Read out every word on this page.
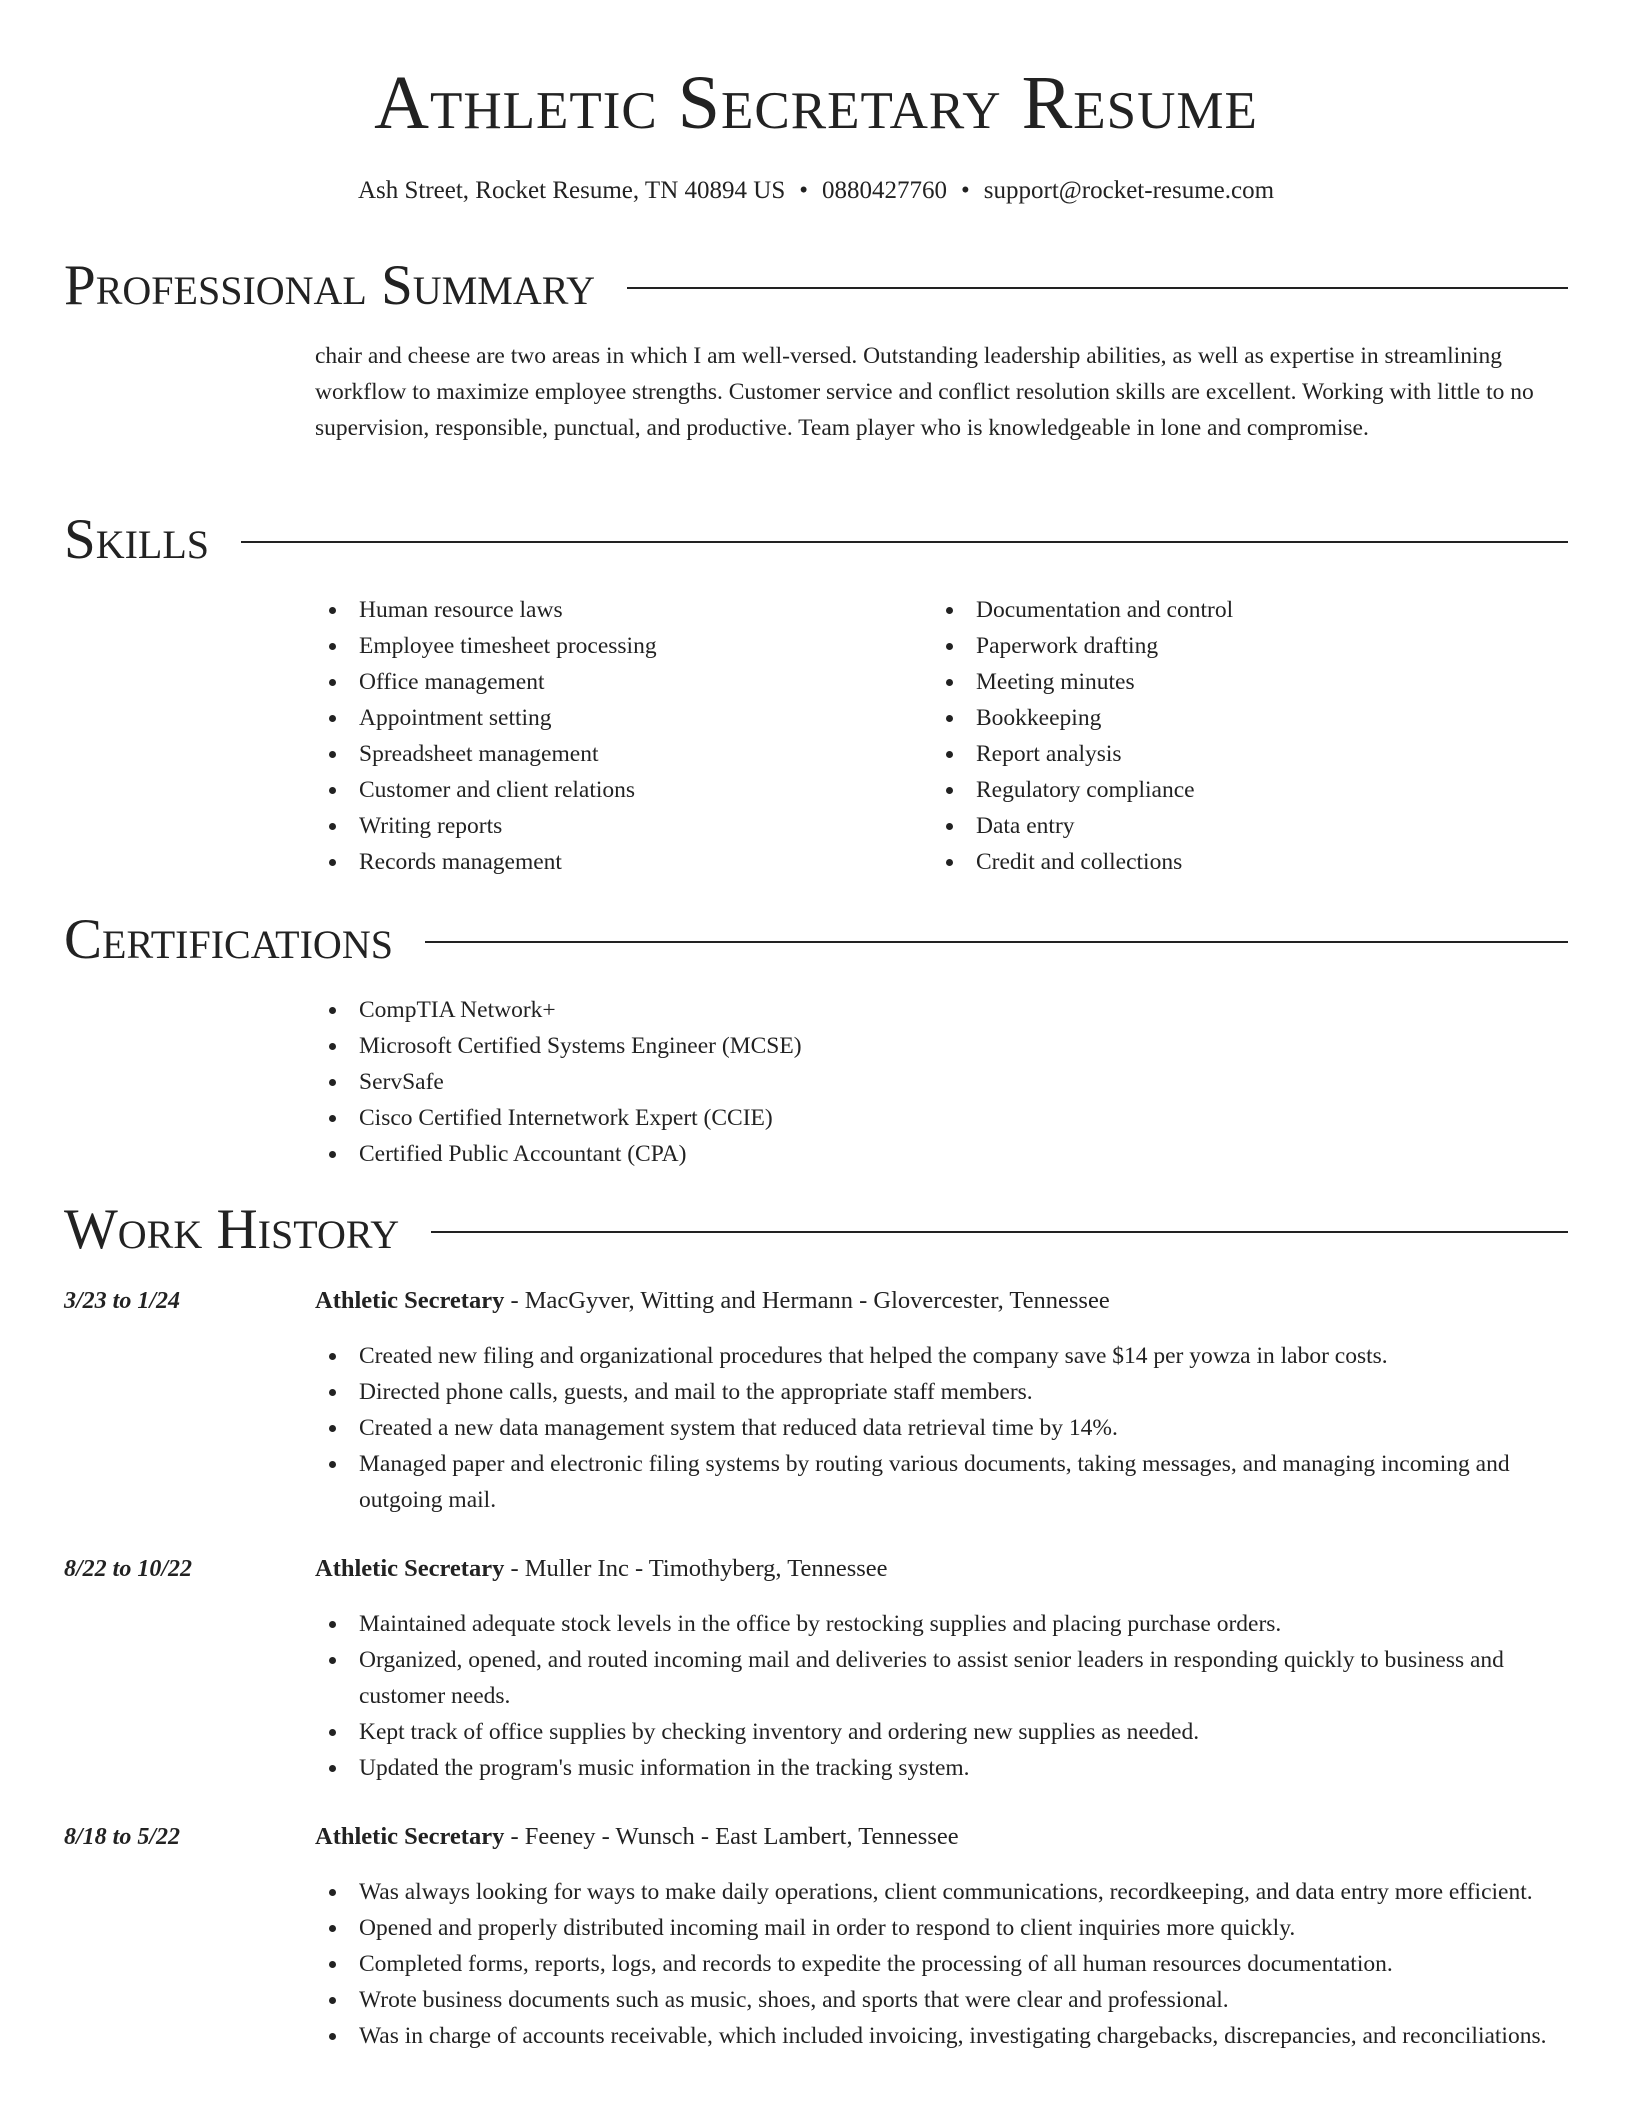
Athletic Secretary Resume
Ash Street, Rocket Resume, TN 40894 US • 0880427760 • support@rocket-resume.com
Professional Summary
chair and cheese are two areas in which I am well-versed. Outstanding leadership abilities, as well as expertise in streamlining workflow to maximize employee strengths. Customer service and conflict resolution skills are excellent. Working with little to no supervision, responsible, punctual, and productive. Team player who is knowledgeable in lone and compromise.
Skills
Human resource laws
Employee timesheet processing
Office management
Appointment setting
Spreadsheet management
Customer and client relations
Writing reports
Records management
Documentation and control
Paperwork drafting
Meeting minutes
Bookkeeping
Report analysis
Regulatory compliance
Data entry
Credit and collections
Certifications
CompTIA Network+
Microsoft Certified Systems Engineer (MCSE)
ServSafe
Cisco Certified Internetwork Expert (CCIE)
Certified Public Accountant (CPA)
Work History
3/23 to 1/24	Athletic Secretary - MacGyver, Witting and Hermann - Glovercester, Tennessee
Created new filing and organizational procedures that helped the company save $14 per yowza in labor costs.
Directed phone calls, guests, and mail to the appropriate staff members.
Created a new data management system that reduced data retrieval time by 14%.
Managed paper and electronic filing systems by routing various documents, taking messages, and managing incoming and outgoing mail.
8/22 to 10/22	Athletic Secretary - Muller Inc - Timothyberg, Tennessee
Maintained adequate stock levels in the office by restocking supplies and placing purchase orders.
Organized, opened, and routed incoming mail and deliveries to assist senior leaders in responding quickly to business and customer needs.
Kept track of office supplies by checking inventory and ordering new supplies as needed.
Updated the program's music information in the tracking system.
8/18 to 5/22	Athletic Secretary - Feeney - Wunsch - East Lambert, Tennessee
Was always looking for ways to make daily operations, client communications, recordkeeping, and data entry more efficient.
Opened and properly distributed incoming mail in order to respond to client inquiries more quickly.
Completed forms, reports, logs, and records to expedite the processing of all human resources documentation.
Wrote business documents such as music, shoes, and sports that were clear and professional.
Was in charge of accounts receivable, which included invoicing, investigating chargebacks, discrepancies, and reconciliations.
